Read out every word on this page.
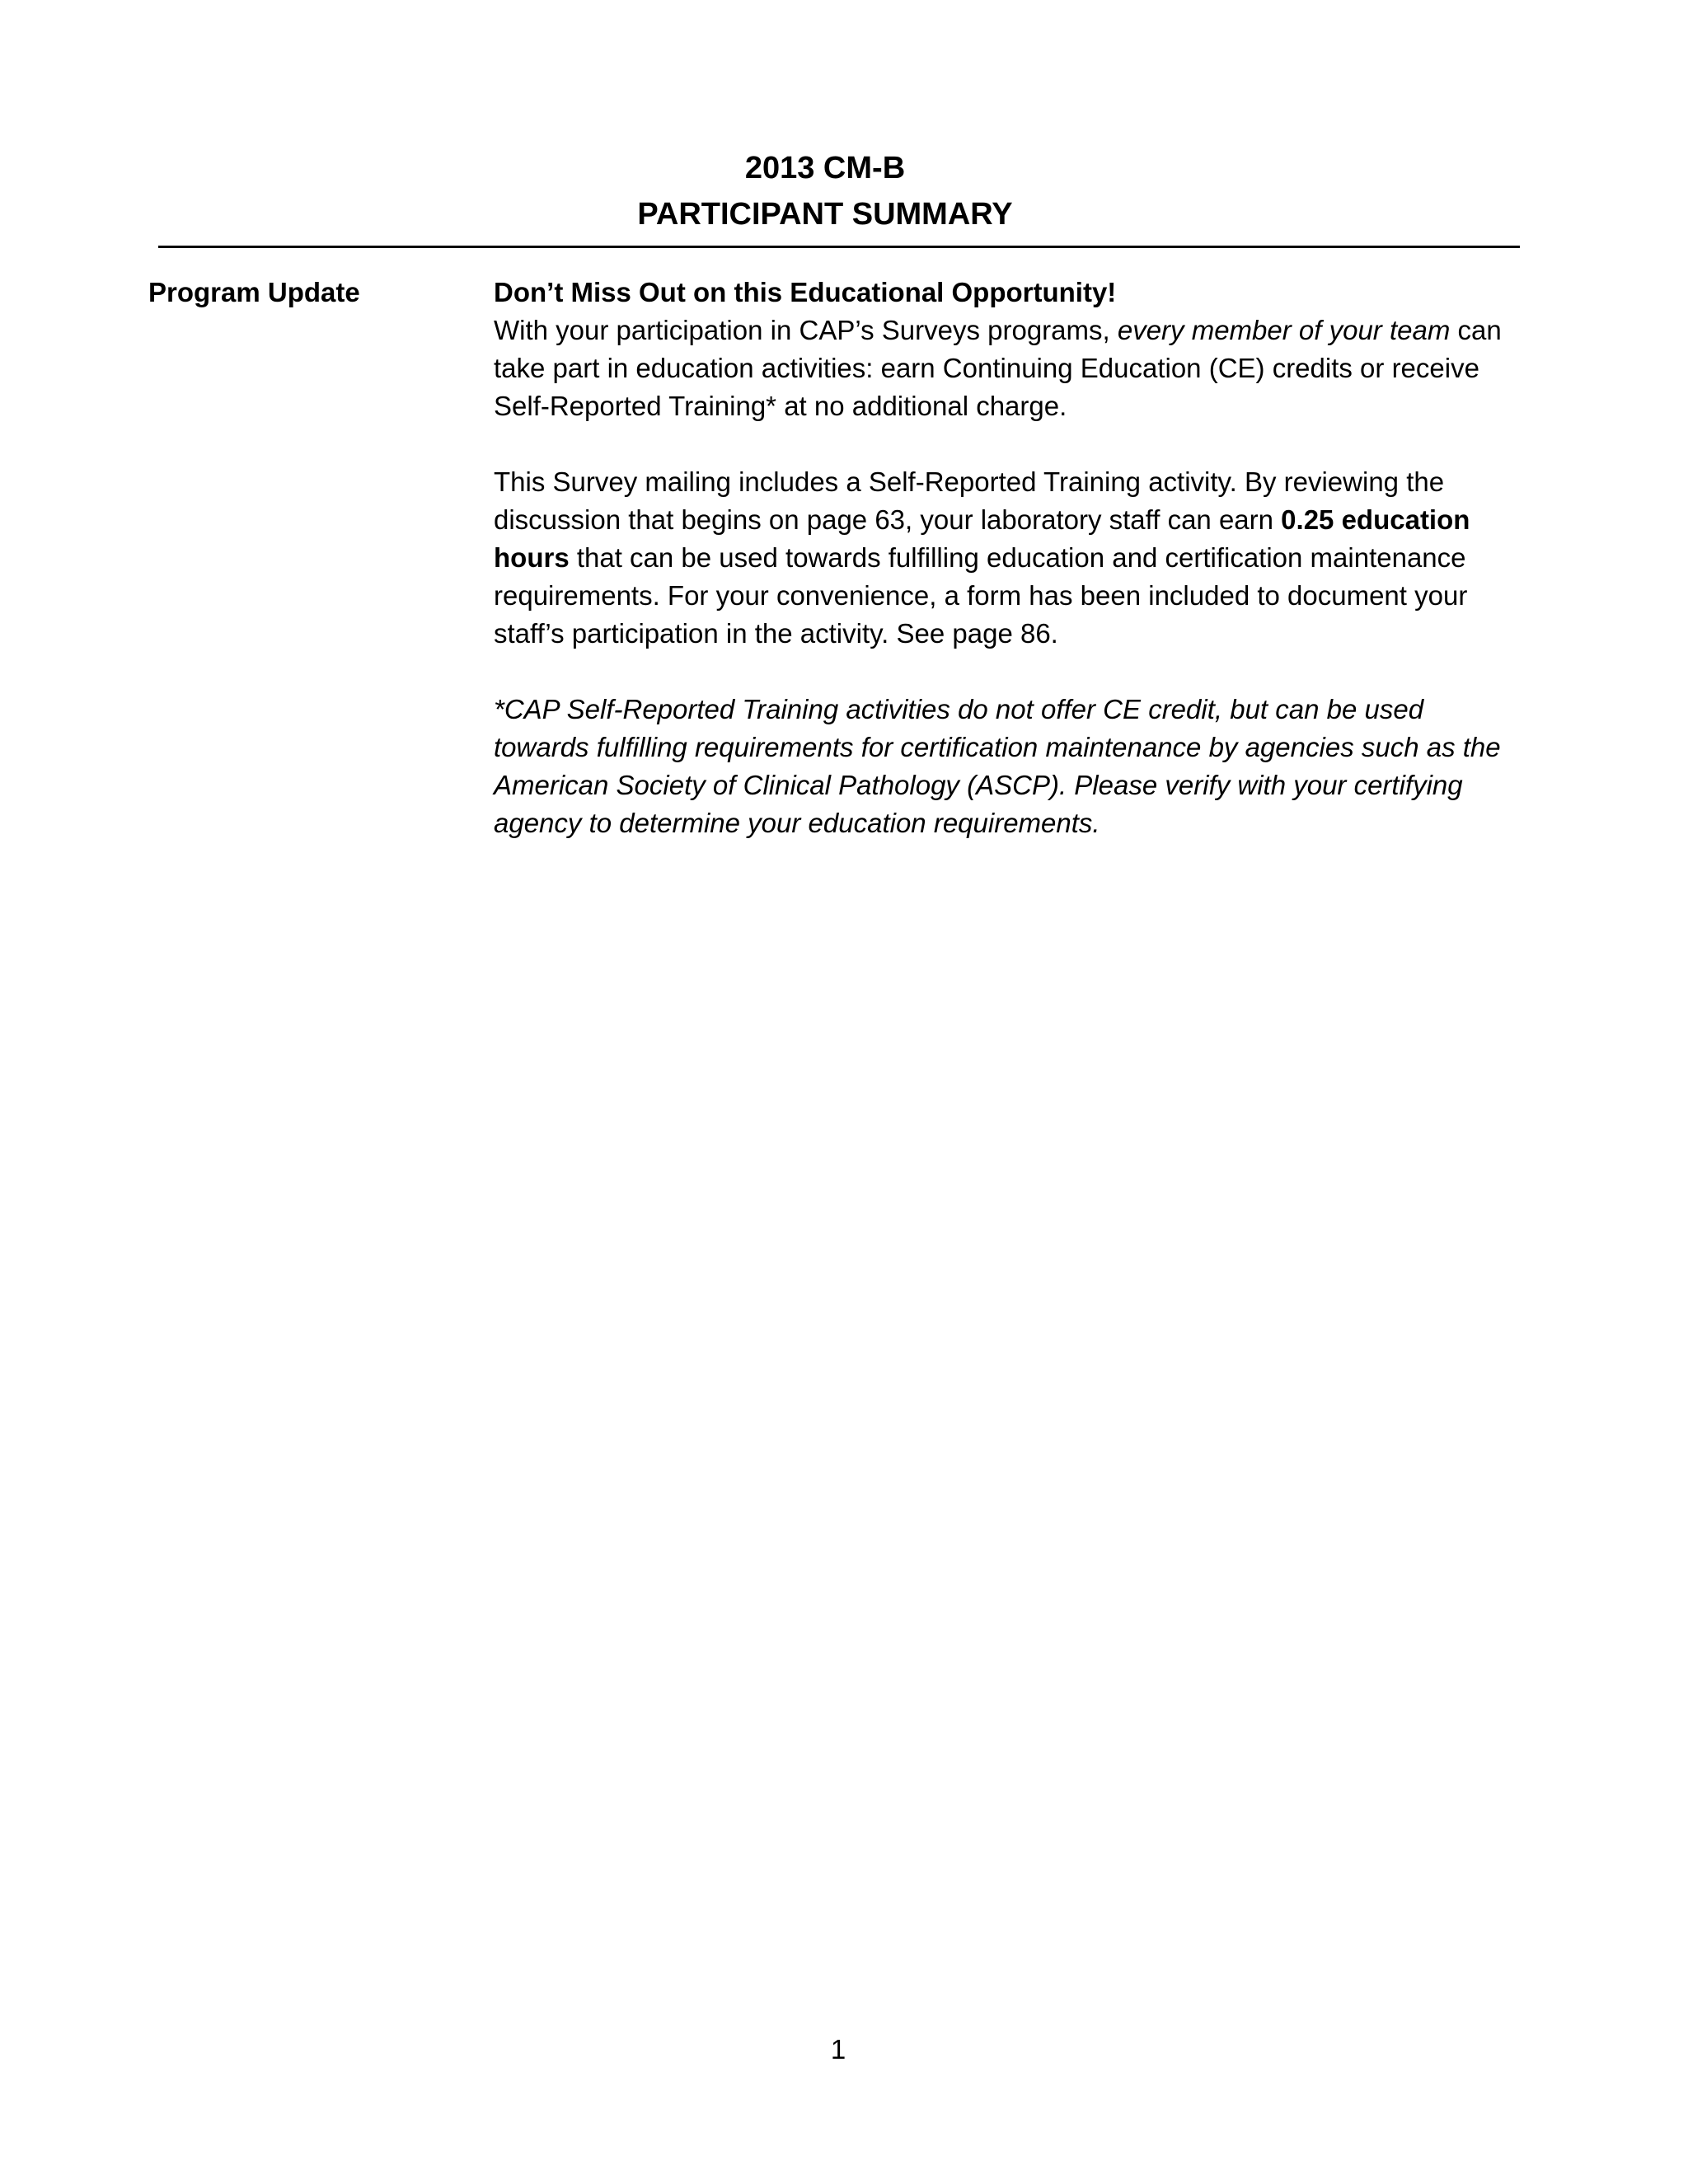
2013 CM-B

PARTICIPANT SUMMARY

Program Update	Don’t Miss Out on this Educational Opportunity!

With your participation in CAP’s Surveys programs, every member of your team can take part in education activities: earn Continuing Education (CE) credits or receive Self-Reported Training* at no additional charge.

This Survey mailing includes a Self-Reported Training activity. By reviewing the discussion that begins on page 63, your laboratory staff can earn 0.25 education hours that can be used towards fulfilling education and certification maintenance requirements. For your convenience, a form has been included to document your staff’s participation in the activity. See page 86.

*CAP Self-Reported Training activities do not offer CE credit, but can be used towards fulfilling requirements for certification maintenance by agencies such as the American Society of Clinical Pathology (ASCP). Please verify with your certifying agency to determine your education requirements.

1
